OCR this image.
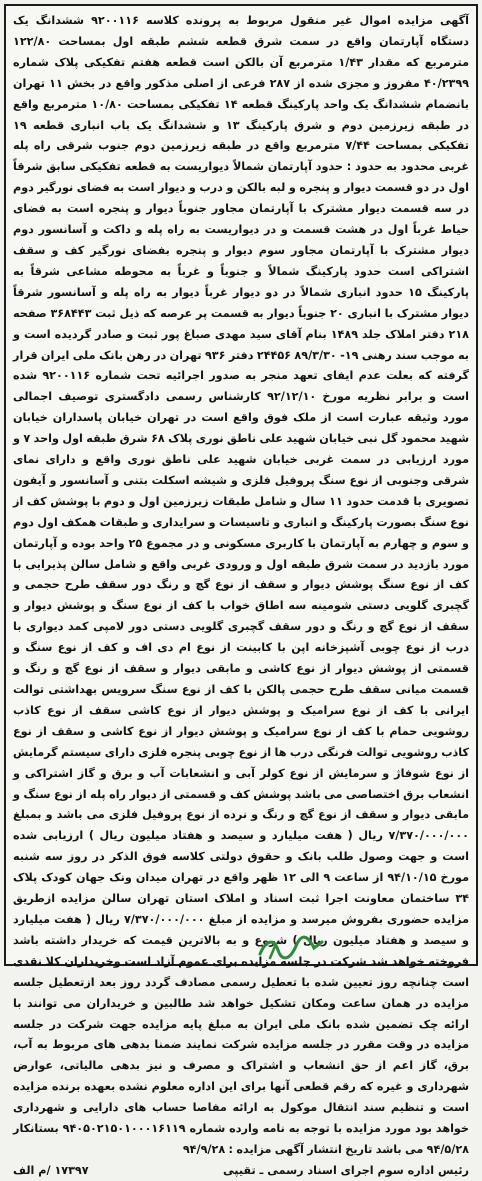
آگهی مزایده اموال غیر منقول مربوط به پرونده کلاسه ۹۲۰۰۱۱۶ ششدانگ یک دستگاه آپارتمان واقع در سمت شرق قطعه ششم طبقه اول بمساحت ۱۲۲/۸۰ مترمربع که مقدار ۱/۴۳ مترمربع آن بالکن است قطعه هفتم تفکیکی پلاک شماره ۴۰/۲۳۹۹ مفروز و مجزی شده از ۲۸۷ فرعی از اصلی مذکور واقع در بخش ۱۱ تهران بانضمام ششدانگ یک واحد پارکینگ قطعه ۱۴ تفکیکی بمساحت ۱۰/۸۰ مترمربع واقع در طبقه زیرزمین دوم و شرق پارکینگ ۱۳ و ششدانگ یک باب انباری قطعه ۱۹ تفکیکی بمساحت ۷/۴۴ مترمربع واقع در طبقه زیرزمین دوم جنوب شرقی راه پله غربی محدود به حدود : حدود آپارتمان شمالاً دیواریست به قطعه تفکیکی سابق شرقاً اول در دو قسمت دیوار و پنجره و لبه بالکن و درب و دیوار است به فضای نورگیر دوم در سه قسمت دیوار مشترک با آپارتمان مجاور جنوباً دیوار و پنجره است به فضای حیاط غرباً اول در هشت قسمت و در دیواریست به راه پله و داکت و آسانسور دوم دیوار مشترک با آپارتمان مجاور سوم دیوار و پنجره بفضای نورگیر کف و سقف اشتراکی است حدود پارکینگ شمالاً و جنوباً و غرباً به محوطه مشاعی شرقاً به پارکینگ ۱۵ حدود انباری شمالاً در دو دیوار غرباً دیوار به راه پله و آسانسور شرقاً دیوار مشترک با انباری ۲۰ جنوباً دیوار به قسمت پر عرصه که ذیل ثبت ۳۶۸۴۴۳ صفحه ۲۱۸ دفتر املاک جلد ۱۴۸۹ بنام آقای سید مهدی صباغ پور ثبت و صادر گردیده است و به موجب سند رهنی ۱۹- ۸۹/۳/۳۰ ۲۴۴۵۶ دفتر ۹۳۶ تهران در رهن بانک ملی ایران قرار گرفته که بعلت عدم ایفای تعهد منجر به صدور اجرائیه تحت شماره ۹۲۰۰۱۱۶ شده است و برابر نظریه مورخ ۹۲/۱۲/۱۰ کارشناس رسمی دادگستری توصیف اجمالی مورد وثیقه عبارت است از ملک فوق واقع است در تهران خیابان پاسداران خیابان شهید محمود گل نبی خیابان شهید علی ناطق نوری پلاک ۶۸ شرق طبقه اول واحد ۷ و مورد ارزیابی در سمت غربی خیابان شهید علی ناطق نوری واقع و دارای نمای شرقی وجنوبی از نوع سنگ پروفیل فلزی و شیشه اسکلت بتنی و آسانسور و آیفون تصویری با قدمت حدود ۱۱ سال و شامل طبقات زیرزمین اول و دوم با پوشش کف از نوع سنگ بصورت پارکینگ و انباری و تاسیسات و سرایداری و طبقات همکف اول دوم و سوم و چهارم به آپارتمان با کاربری مسکونی و در مجموع ۲۵ واحد بوده و آپارتمان مورد بازدید در سمت شرق طبقه اول و ورودی غربی واقع و شامل سالن پذیرایی با کف از نوع سنگ پوشش دیوار و سقف از نوع گچ و رنگ دور سقف طرح حجمی و گچبری گلویی دستی شومینه سه اطاق خواب با کف از نوع سنگ و پوشش دیوار و سقف از نوع گچ و رنگ و دور سقف گچبری گلویی دستی دور لامپی کمد دیواری با درب از نوع چوبی آشپزخانه اپن با کابینت از نوع ام دی اف و کف از نوع سنگ و قسمتی از پوشش دیوار از نوع کاشی و مابقی دیوار و سقف از نوع گچ و رنگ و قسمت میانی سقف طرح حجمی پالکن با کف از نوع سنگ سرویس بهداشتی توالت ایرانی با کف از نوع سرامیک و پوشش دیوار از نوع کاشی سقف از نوع کاذب روشویی حمام با کف از نوع سرامیک و پوشش دیوار از نوع کاشی و سقف از نوع کاذب روشویی توالت فرنگی درب ها از نوع چوبی پنجره فلزی دارای سیستم گرمایش از نوع شوفاژ و سرمایش از نوع کولر آبی و انشعابات آب و برق و گاز اشتراکی و انشعاب برق اختصاصی می باشد پوشش کف و قسمتی از دیوار راه پله از نوع سنگ و مابقی دیوار و سقف از نوع گچ و رنگ و نرده از نوع پروفیل فلزی می باشد و بمبلغ ۷/۳۷۰/۰۰۰/۰۰۰ ریال ( هفت میلیارد و سیصد و هفتاد میلیون ریال ) ارزیابی شده است و جهت وصول طلب بانک و حقوق دولتی کلاسه فوق الذکر در روز سه شنبه مورخ ۹۴/۱۰/۱۵ از ساعت ۹ الی ۱۲ ظهر واقع در تهران میدان ونک جهان کودک پلاک ۳۴ ساختمان معاونت اجرا ثبت اسناد و املاک استان تهران سالن مزایده ازطریق مزایده حضوری بفروش میرسد و مزایده از مبلغ ۷/۳۷۰/۰۰۰/۰۰۰ ریال ( هفت میلیارد و سیصد و هفتاد میلیون ریال ) شروع و به بالاترین قیمت که خریدار داشته باشد فروخته خواهد شد شرکت در جلسه مزایده برای عموم آزاد است وخریداران کلا نقدی است چنانچه روز تعیین شده با تعطیل رسمی مصادف گردد روز بعد ازتعطیل جلسه مزایده در همان ساعت ومکان تشکیل خواهد شد طالبین و خریداران می توانند با ارائه چک تضمین شده بانک ملی ایران به مبلغ پایه مزایده جهت شرکت در جلسه مزایده در وقت مقرر در جلسه مزایده شرکت نمایند ضمنا بدهی های مربوط به آب، برق، گاز اعم از حق انشعاب و اشتراک و مصرف و نیز بدهی مالیاتی، عوارض شهرداری و غیره که رقم قطعی آنها برای این اداره معلوم نشده بعهده برنده مزایده است و تنظیم سند انتقال موکول به ارائه مفاصا حساب های دارایی و شهرداری خواهد بود مورد مزایده با توجه به نامه وارده شماره ۹۴۰۵۰۲۱۵۰۱۰۰۰۱۶۱۱۹ بستانکار ۹۴/۵/۲۸ می باشد تاریخ انتشار آگهی مزایده : ۹۴/۹/۲۸

رئیس اداره سوم اجرای اسناد رسمی ـ تقیپی
۱۷۳۹۷ /م الف
